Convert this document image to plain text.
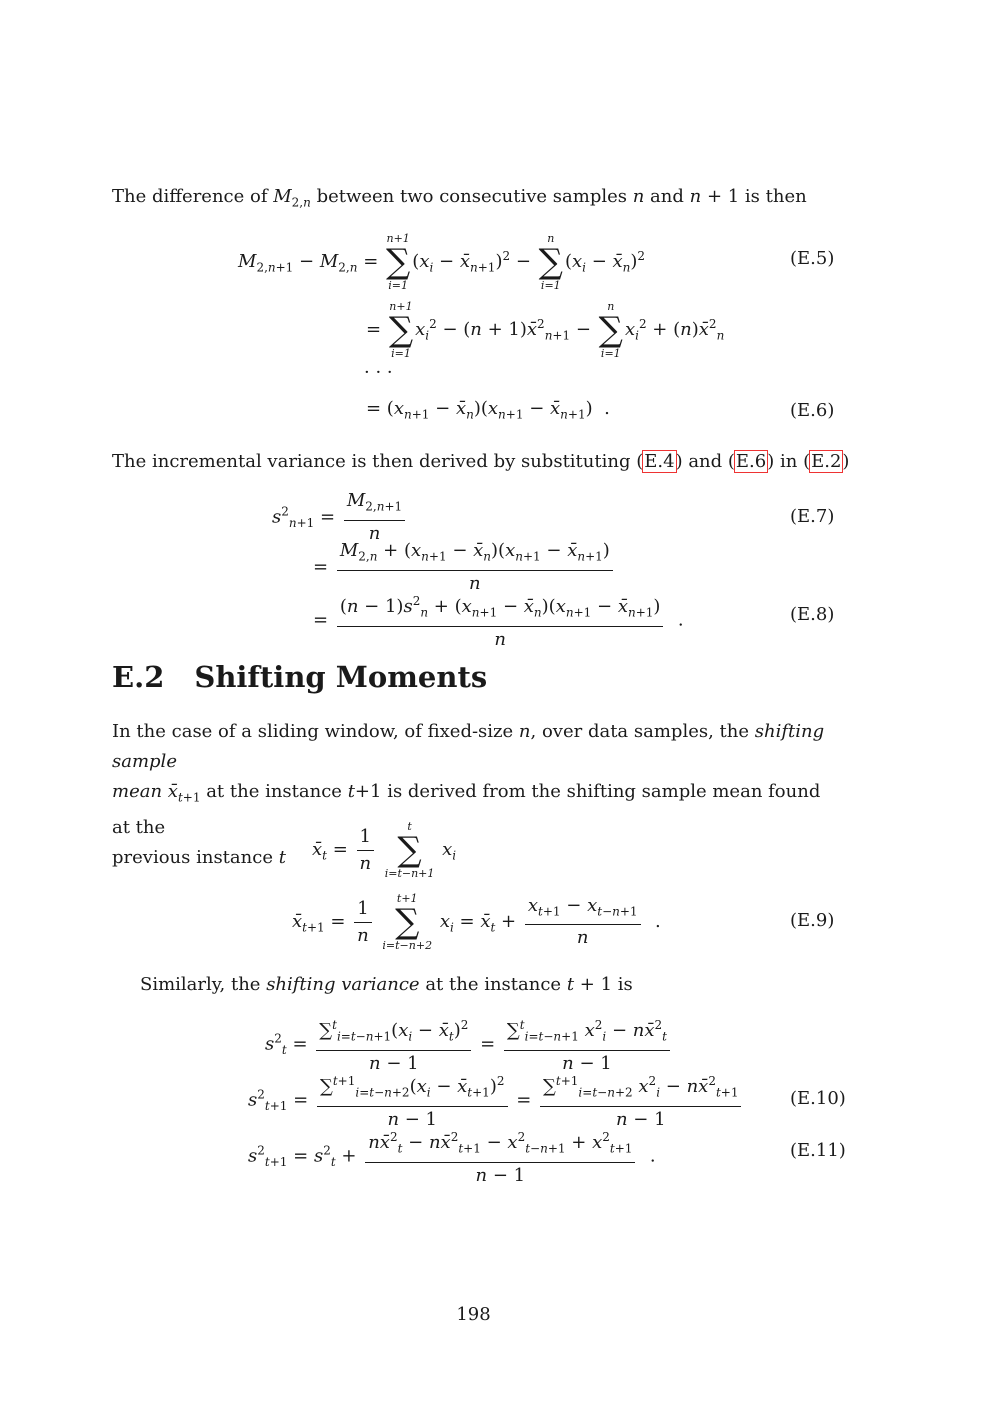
The difference of $M_{2,n}$ between two consecutive samples n and n + 1 is then
$M_{2,n+1} - M_{2,n}$ =
n+1
∑
i=1
($x_i$ − $x̄_{n+1})^2$ −
n
∑
i=1
($x_i$ − $x̄_n)^2$	(E.5)
=
n+1
∑
i=1
$x_i^2 - (n$ + 1)x̄$^2_{n+1}$ −
n
∑
i=1
$x_i^2$ + (n)x̄$^2_n$
· · ·
= ($x_{n+1}$ − $x̄_n)(x_{n+1}$ − $x̄_{n+1}$)  .	(E.6)
The incremental variance is then derived by substituting (E.4) and (E.6) in (E.2)
$s^2_{n+1} = \frac{M_{2,n+1}}{n}$	(E.7)
= $\frac{M_{2,n} + (x_{n+1} - x̄_n)(x_{n+1} - x̄_{n+1})}{n}$
= $\frac{(n - 1)s^2_n + (x_{n+1} - x̄_n)(x_{n+1} - x̄_{n+1})}{n}$ .	(E.8)
E.2 Shifting Moments
In the case of a sliding window, of fixed-size n, over data samples, the shifting sample
mean $x̄_{t+1}$ at the instance t+1 is derived from the shifting sample mean found at the
previous instance t	$x̄_t = \frac{1}{n}$
	t
∑
i=t−n+1
$x_i$
$x̄_{t+1} = \frac{1}{n}$
	t+1
∑
i=t−n+2
$x_i$ = $x̄_t + \frac{x_{t+1} - x_{t-n+1}}{n}$ .	(E.9)
Similarly, the shifting variance at the instance t + 1 is
$s^2_t = \frac{\sum^t_{i=t-n+1}(x_i - x̄_t)^2}{n - 1} = \frac{\sum^t_{i=t-n+1} x^2_i - nx̄^2_t}{n - 1}$
$s^2_{t+1} = \frac{\sum^{t+1}_{i=t-n+2}(x_i - x̄_{t+1})^2}{n - 1} = \frac{\sum^{t+1}_{i=t-n+2} x^2_i - nx̄^2_{t+1}}{n - 1}$	(E.10)
$s^2_{t+1} = s^2_t + \frac{nx̄^2_t - nx̄^2_{t+1} - x^2_{t-n+1} + x^2_{t+1}}{n - 1}$ .	(E.11)
198
